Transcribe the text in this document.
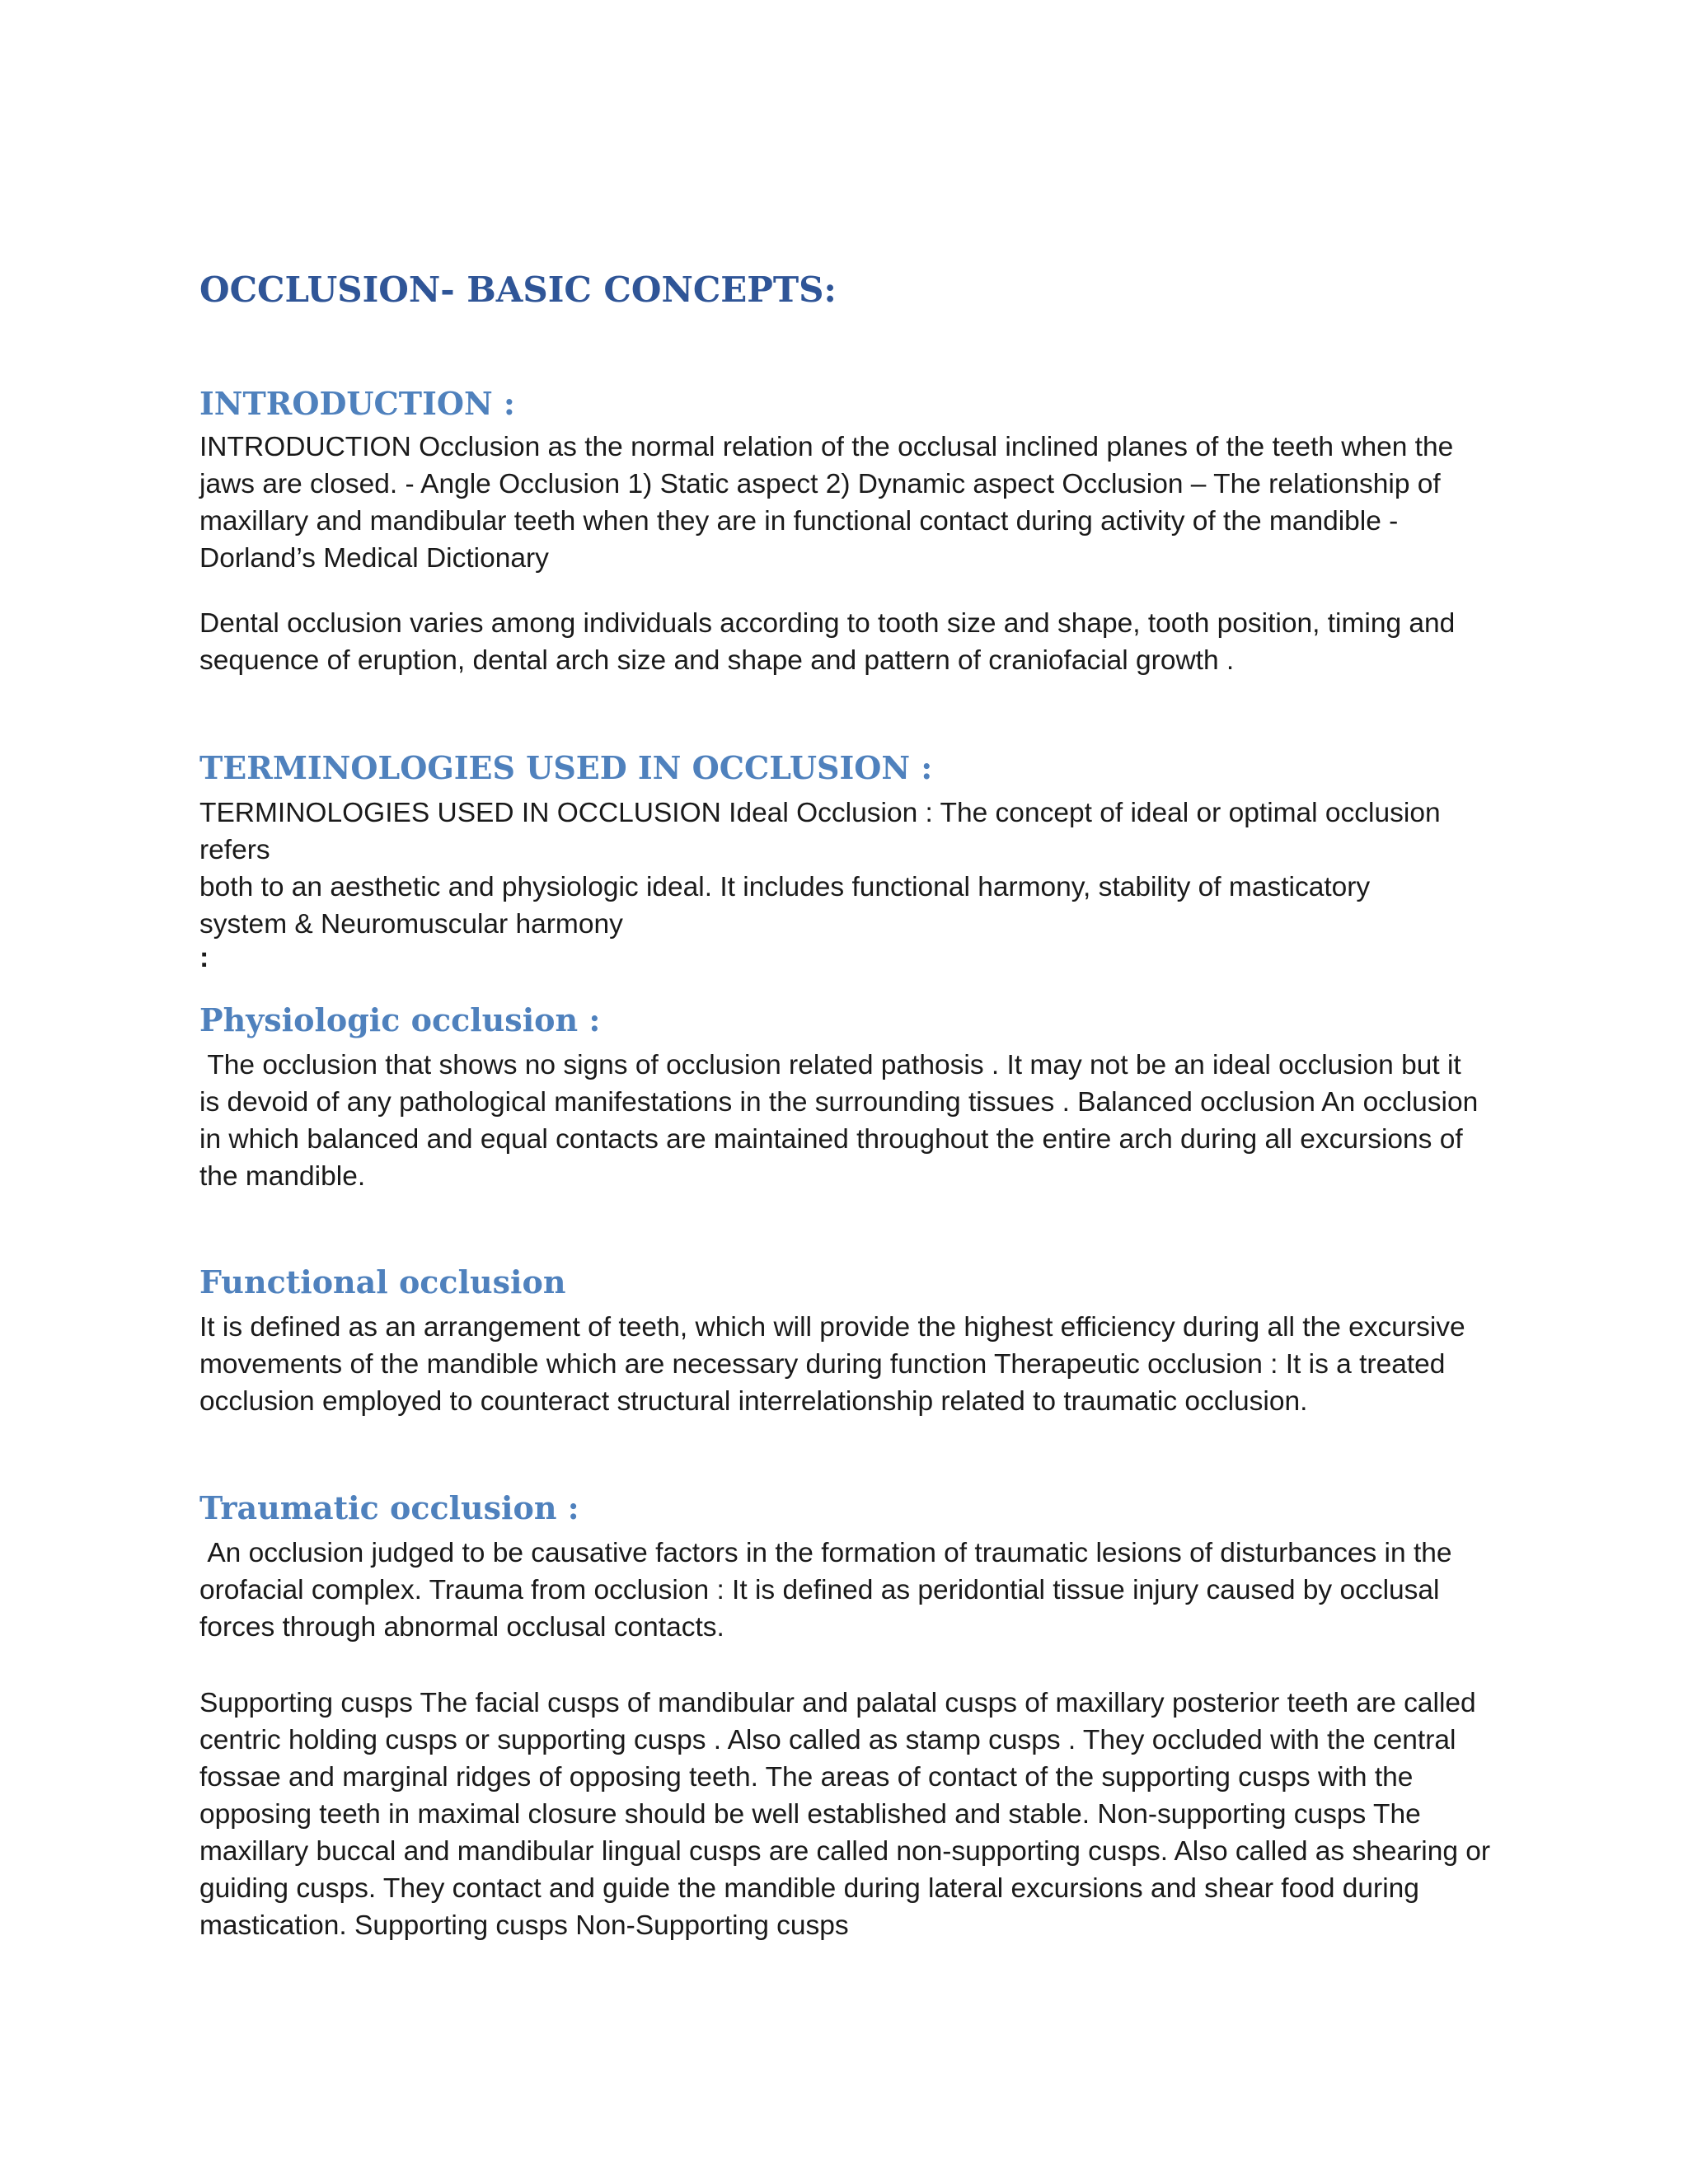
OCCLUSION- BASIC CONCEPTS:
INTRODUCTION :

INTRODUCTION Occlusion as the normal relation of the occlusal inclined planes of the teeth when the
jaws are closed. - Angle Occlusion 1) Static aspect 2) Dynamic aspect Occlusion – The relationship of
maxillary and mandibular teeth when they are in functional contact during activity of the mandible -
Dorland’s Medical Dictionary

Dental occlusion varies among individuals according to tooth size and shape, tooth position, timing and
sequence of eruption, dental arch size and shape and pattern of craniofacial growth .

TERMINOLOGIES USED IN OCCLUSION :

TERMINOLOGIES USED IN OCCLUSION Ideal Occlusion : The concept of ideal or optimal occlusion refers
both to an aesthetic and physiologic ideal. It includes functional harmony, stability of masticatory
system & Neuromuscular harmony

:

Physiologic occlusion :

The occlusion that shows no signs of occlusion related pathosis . It may not be an ideal occlusion but it
is devoid of any pathological manifestations in the surrounding tissues . Balanced occlusion An occlusion
in which balanced and equal contacts are maintained throughout the entire arch during all excursions of
the mandible.

Functional occlusion

It is defined as an arrangement of teeth, which will provide the highest efficiency during all the excursive
movements of the mandible which are necessary during function Therapeutic occlusion : It is a treated
occlusion employed to counteract structural interrelationship related to traumatic occlusion.

Traumatic occlusion :

An occlusion judged to be causative factors in the formation of traumatic lesions of disturbances in the
orofacial complex. Trauma from occlusion : It is defined as peridontial tissue injury caused by occlusal
forces through abnormal occlusal contacts.

Supporting cusps The facial cusps of mandibular and palatal cusps of maxillary posterior teeth are called
centric holding cusps or supporting cusps . Also called as stamp cusps . They occluded with the central
fossae and marginal ridges of opposing teeth. The areas of contact of the supporting cusps with the
opposing teeth in maximal closure should be well established and stable. Non-supporting cusps The
maxillary buccal and mandibular lingual cusps are called non-supporting cusps. Also called as shearing or
guiding cusps. They contact and guide the mandible during lateral excursions and shear food during
mastication. Supporting cusps Non-Supporting cusps
